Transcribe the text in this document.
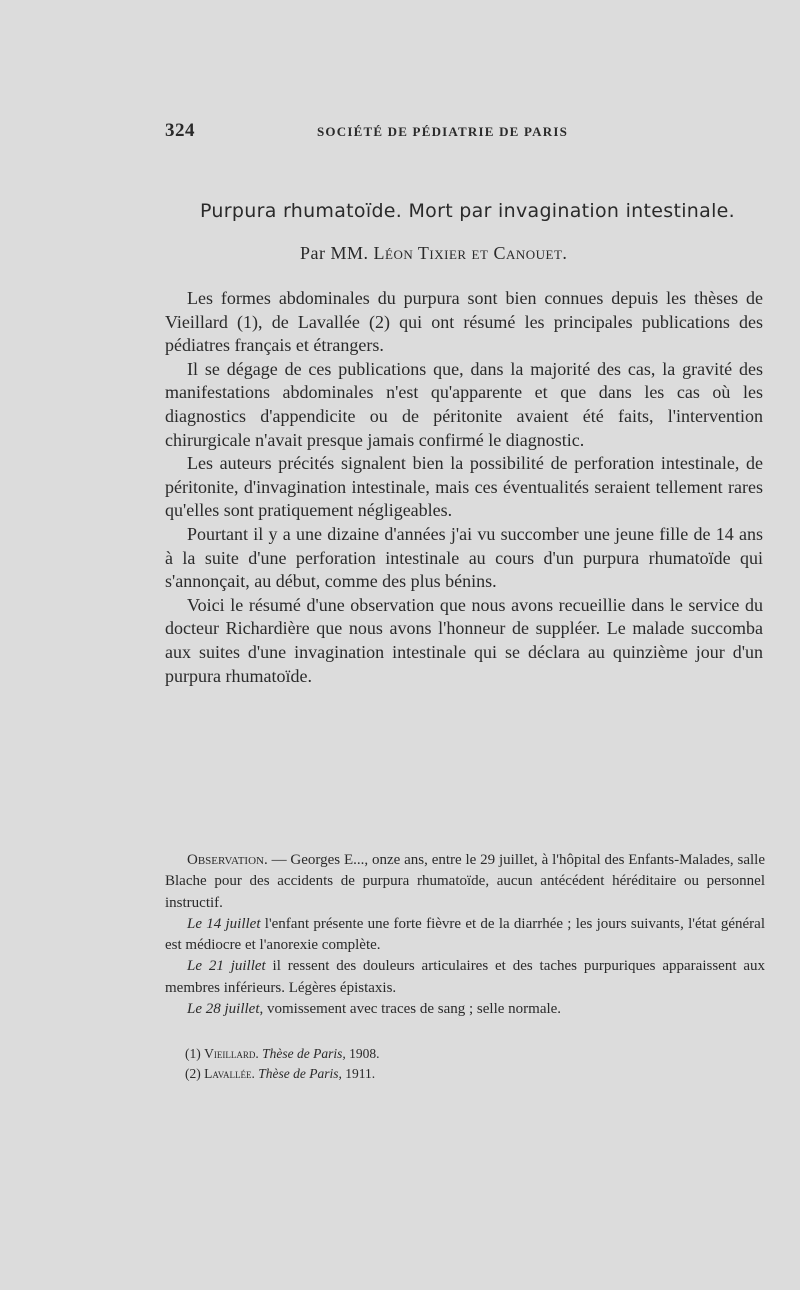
324	SOCIÉTÉ DE PÉDIATRIE DE PARIS
Purpura rhumatoïde. Mort par invagination intestinale.
Par MM. Léon Tixier et Canouet.

Les formes abdominales du purpura sont bien connues depuis les thèses de Vieillard (1), de Lavallée (2) qui ont résumé les principales publications des pédiatres français et étrangers.

Il se dégage de ces publications que, dans la majorité des cas, la gravité des manifestations abdominales n'est qu'apparente et que dans les cas où les diagnostics d'appendicite ou de péritonite avaient été faits, l'intervention chirurgicale n'avait presque jamais confirmé le diagnostic.

Les auteurs précités signalent bien la possibilité de perforation intestinale, de péritonite, d'invagination intestinale, mais ces éventualités seraient tellement rares qu'elles sont pratiquement négligeables.

Pourtant il y a une dizaine d'années j'ai vu succomber une jeune fille de 14 ans à la suite d'une perforation intestinale au cours d'un purpura rhumatoïde qui s'annonçait, au début, comme des plus bénins.

Voici le résumé d'une observation que nous avons recueillie dans le service du docteur Richardière que nous avons l'honneur de suppléer. Le malade succomba aux suites d'une invagination intestinale qui se déclara au quinzième jour d'un purpura rhumatoïde.

Observation. — Georges E..., onze ans, entre le 29 juillet, à l'hôpital des Enfants-Malades, salle Blache pour des accidents de purpura rhumatoïde, aucun antécédent héréditaire ou personnel instructif.

Le 14 juillet l'enfant présente une forte fièvre et de la diarrhée ; les jours suivants, l'état général est médiocre et l'anorexie complète.

Le 21 juillet il ressent des douleurs articulaires et des taches purpuriques apparaissent aux membres inférieurs. Légères épistaxis.

Le 28 juillet, vomissement avec traces de sang ; selle normale.

(1) Vieillard. Thèse de Paris, 1908.

(2) Lavallée. Thèse de Paris, 1911.
